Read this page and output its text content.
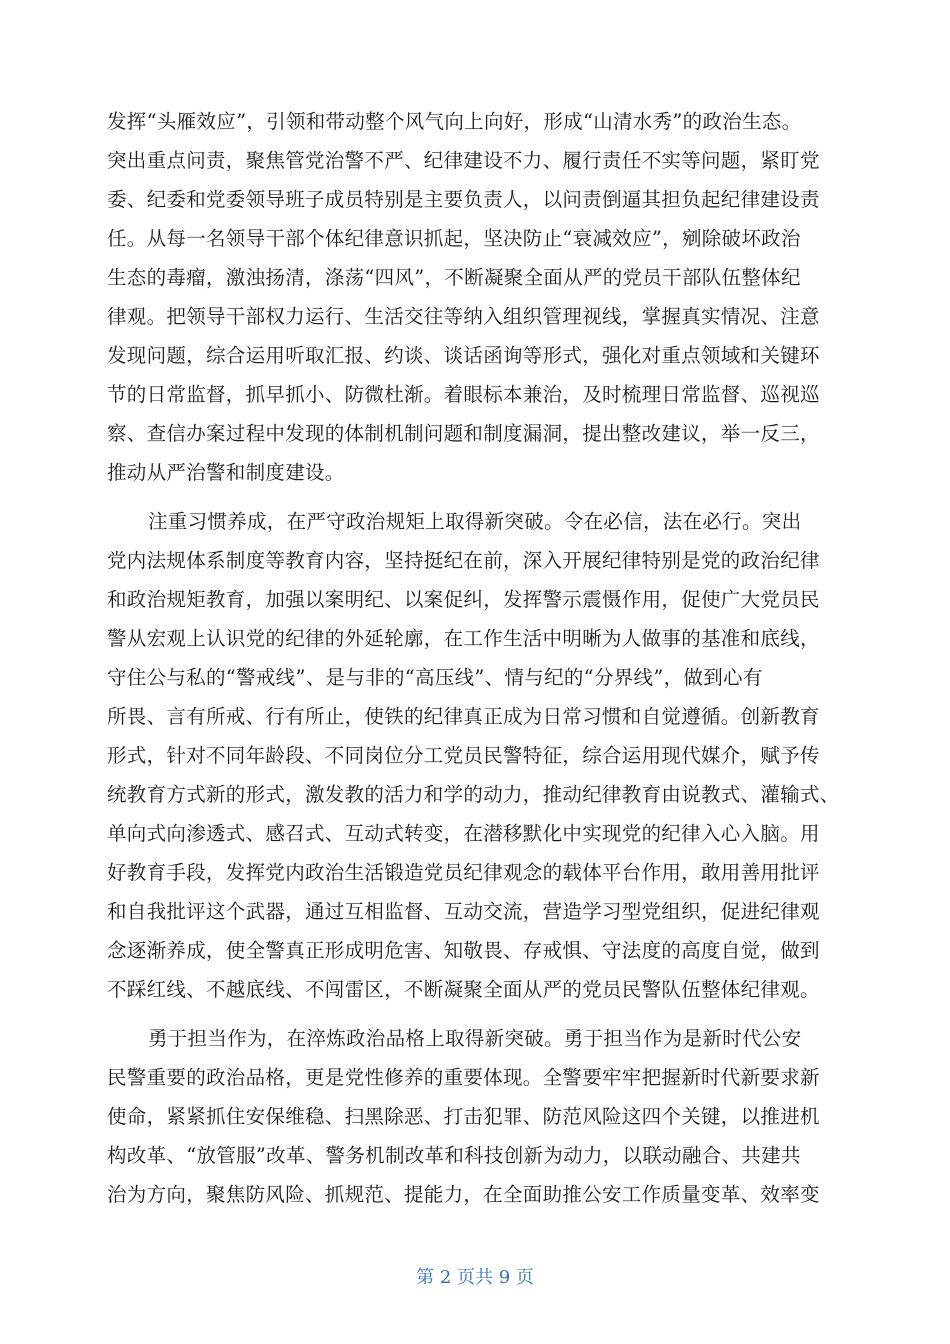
发挥“头雁效应”，引领和带动整个风气向上向好，形成“山清水秀”的政治生态。
突出重点问责，聚焦管党治警不严、纪律建设不力、履行责任不实等问题，紧盯党
委、纪委和党委领导班子成员特别是主要负责人，以问责倒逼其担负起纪律建设责
任。从每一名领导干部个体纪律意识抓起，坚决防止“衰减效应”，剜除破坏政治
生态的毒瘤，激浊扬清，涤荡“四风”，不断凝聚全面从严的党员干部队伍整体纪
律观。把领导干部权力运行、生活交往等纳入组织管理视线，掌握真实情况、注意
发现问题，综合运用听取汇报、约谈、谈话函询等形式，强化对重点领域和关键环
节的日常监督，抓早抓小、防微杜渐。着眼标本兼治，及时梳理日常监督、巡视巡
察、查信办案过程中发现的体制机制问题和制度漏洞，提出整改建议，举一反三，
推动从严治警和制度建设。
注重习惯养成，在严守政治规矩上取得新突破。令在必信，法在必行。突出
党内法规体系制度等教育内容，坚持挺纪在前，深入开展纪律特别是党的政治纪律
和政治规矩教育，加强以案明纪、以案促纠，发挥警示震慑作用，促使广大党员民
警从宏观上认识党的纪律的外延轮廓，在工作生活中明晰为人做事的基准和底线，
守住公与私的“警戒线”、是与非的“高压线”、情与纪的“分界线”，做到心有
所畏、言有所戒、行有所止，使铁的纪律真正成为日常习惯和自觉遵循。创新教育
形式，针对不同年龄段、不同岗位分工党员民警特征，综合运用现代媒介，赋予传
统教育方式新的形式，激发教的活力和学的动力，推动纪律教育由说教式、灌输式、
单向式向渗透式、感召式、互动式转变，在潜移默化中实现党的纪律入心入脑。用
好教育手段，发挥党内政治生活锻造党员纪律观念的载体平台作用，敢用善用批评
和自我批评这个武器，通过互相监督、互动交流，营造学习型党组织，促进纪律观
念逐渐养成，使全警真正形成明危害、知敬畏、存戒惧、守法度的高度自觉，做到
不踩红线、不越底线、不闯雷区，不断凝聚全面从严的党员民警队伍整体纪律观。
勇于担当作为，在淬炼政治品格上取得新突破。勇于担当作为是新时代公安
民警重要的政治品格，更是党性修养的重要体现。全警要牢牢把握新时代新要求新
使命，紧紧抓住安保维稳、扫黑除恶、打击犯罪、防范风险这四个关键，以推进机
构改革、“放管服”改革、警务机制改革和科技创新为动力，以联动融合、共建共
治为方向，聚焦防风险、抓规范、提能力，在全面助推公安工作质量变革、效率变
第 2 页共 9 页
